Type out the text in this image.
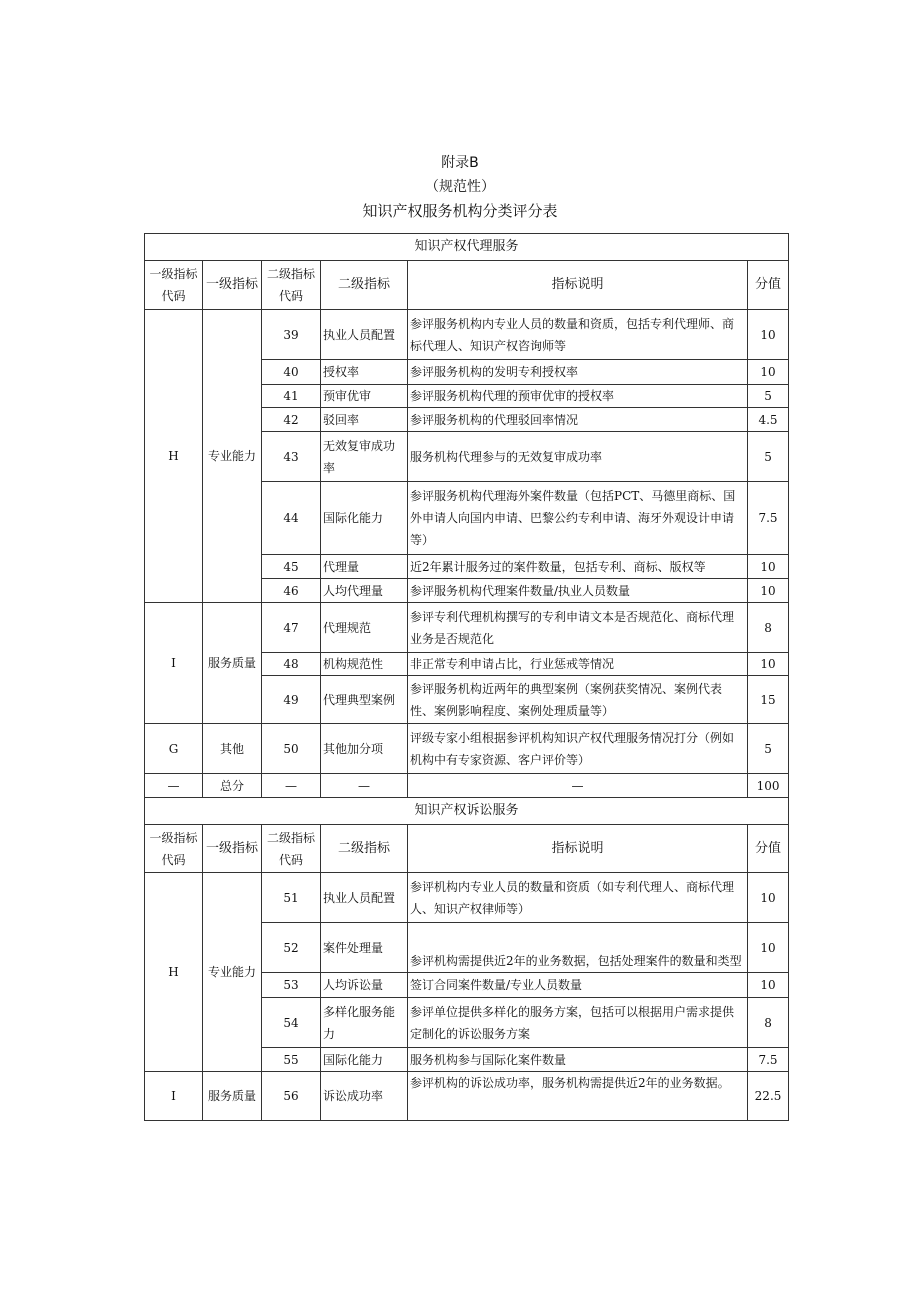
附录B
（规范性）
知识产权服务机构分类评分表
知识产权代理服务					
一级指标代码	一级指标	二级指标代码	二级指标	指标说明	分值
H	专业能力	39	执业人员配置	参评服务机构内专业人员的数量和资质，包括专利代理师、商标代理人、知识产权咨询师等	10
		40	授权率	参评服务机构的发明专利授权率	10
		41	预审优审	参评服务机构代理的预审优审的授权率	5
		42	驳回率	参评服务机构的代理驳回率情况	4.5
		43	无效复审成功率	服务机构代理参与的无效复审成功率	5
		44	国际化能力	参评服务机构代理海外案件数量（包括PCT、马德里商标、国外申请人向国内申请、巴黎公约专利申请、海牙外观设计申请等）	7.5
		45	代理量	近2年累计服务过的案件数量，包括专利、商标、版权等	10
		46	人均代理量	参评服务机构代理案件数量/执业人员数量	10
I	服务质量	47	代理规范	参评专利代理机构撰写的专利申请文本是否规范化、商标代理业务是否规范化	8
		48	机构规范性	非正常专利申请占比，行业惩戒等情况	10
		49	代理典型案例	参评服务机构近两年的典型案例（案例获奖情况、案例代表性、案例影响程度、案例处理质量等）	15
G	其他	50	其他加分项	评级专家小组根据参评机构知识产权代理服务情况打分（例如机构中有专家资源、客户评价等）	5
—	总分	—	—	—	100
知识产权诉讼服务					
一级指标代码	一级指标	二级指标代码	二级指标	指标说明	分值
H	专业能力	51	执业人员配置	参评机构内专业人员的数量和资质（如专利代理人、商标代理人、知识产权律师等）	10
		52	案件处理量	参评机构需提供近2年的业务数据，包括处理案件的数量和类型	10
		53	人均诉讼量	签订合同案件数量/专业人员数量	10
		54	多样化服务能力	参评单位提供多样化的服务方案，包括可以根据用户需求提供定制化的诉讼服务方案	8
		55	国际化能力	服务机构参与国际化案件数量	7.5
I	服务质量	56	诉讼成功率	参评机构的诉讼成功率，服务机构需提供近2年的业务数据。	22.5
